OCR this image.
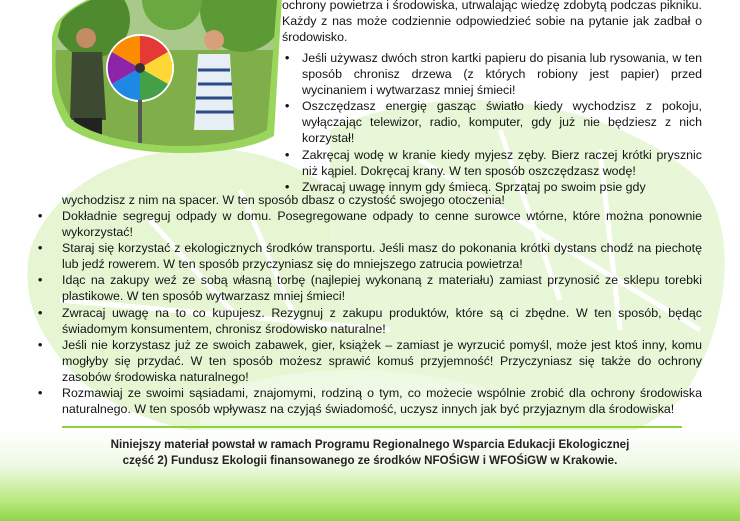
ochrony powietrza i środowiska, utrwalając wiedzę zdobytą podczas pikniku. Każdy z nas może codziennie odpowiedzieć sobie na pytanie jak zadbał o środowisko.

• Jeśli używasz dwóch stron kartki papieru do pisania lub rysowania, w ten sposób chronisz drzewa (z których robiony jest papier) przed wycinaniem i wytwarzasz mniej śmieci!
• Oszczędzasz energię gasząc światło kiedy wychodzisz z pokoju, wyłączając telewizor, radio, komputer, gdy już nie będziesz z nich korzystał!
• Zakręcaj wodę w kranie kiedy myjesz zęby. Bierz raczej krótki prysznic niż kąpiel. Dokręcaj krany. W ten sposób oszczędzasz wodę!
• Zwracaj uwagę innym gdy śmiecą. Sprzątaj po swoim psie gdy

wychodzisz z nim na spacer. W ten sposób dbasz o czystość swojego otoczenia!

• Dokładnie segreguj odpady w domu. Posegregowane odpady to cenne surowce wtórne, które można ponownie wykorzystać!
• Staraj się korzystać z ekologicznych środków transportu. Jeśli masz do pokonania krótki dystans chodź na piechotę lub jedź rowerem. W ten sposób przyczyniasz się do mniejszego zatrucia powietrza!
• Idąc na zakupy weź ze sobą własną torbę (najlepiej wykonaną z materiału) zamiast przynosić ze sklepu torebki plastikowe. W ten sposób wytwarzasz mniej śmieci!
• Zwracaj uwagę na to co kupujesz. Rezygnuj z zakupu produktów, które są ci zbędne. W ten sposób, będąc świadomym konsumentem, chronisz środowisko naturalne!
• Jeśli nie korzystasz już ze swoich zabawek, gier, książek – zamiast je wyrzucić pomyśl, może jest ktoś inny, komu mogłyby się przydać. W ten sposób możesz sprawić komuś przyjemność! Przyczyniasz się także do ochrony zasobów środowiska naturalnego!
• Rozmawiaj ze swoimi sąsiadami, znajomymi, rodziną o tym, co możecie wspólnie zrobić dla ochrony środowiska naturalnego. W ten sposób wpływasz na czyjąś świadomość, uczysz innych jak być przyjaznym dla środowiska!
Niniejszy materiał powstał w ramach Programu Regionalnego Wsparcia Edukacji Ekologicznej
część 2) Fundusz Ekologii finansowanego ze środków NFOŚiGW i WFOŚiGW w Krakowie.
